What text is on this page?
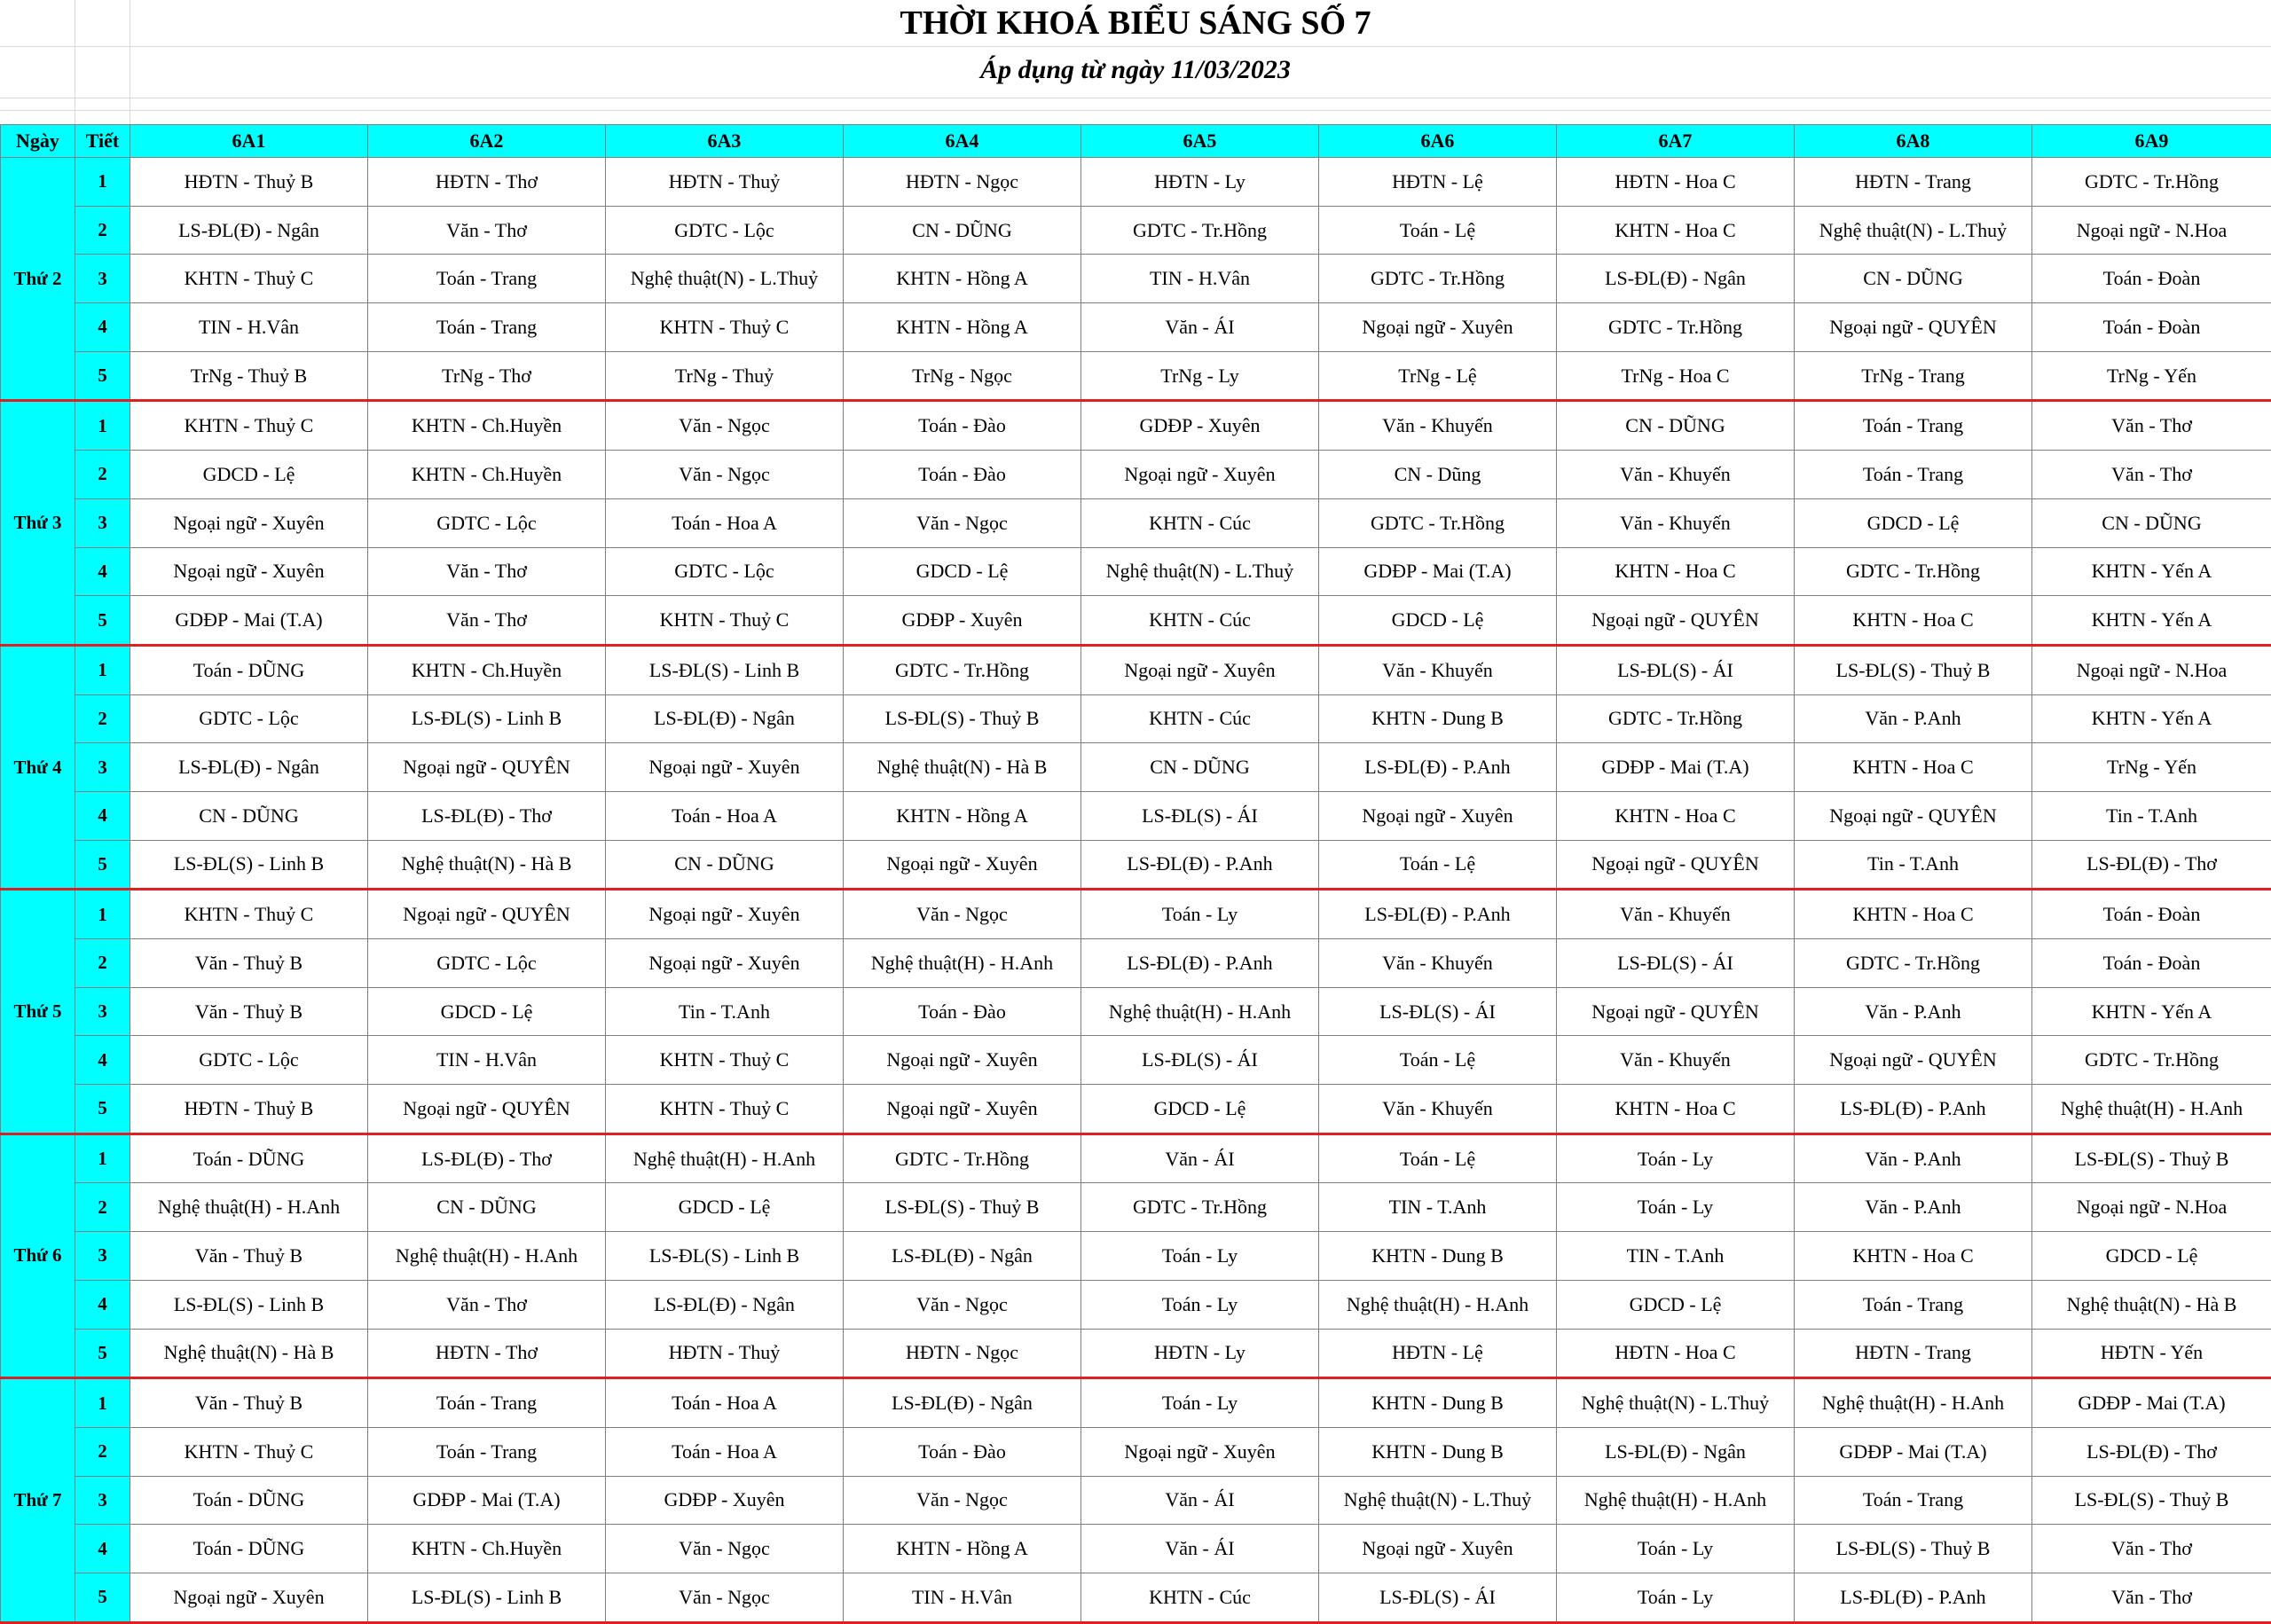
THỜI KHOÁ BIỂU SÁNG SỐ 7
Áp dụng từ ngày 11/03/2023
Ngày	Tiết	6A1	6A2	6A3	6A4	6A5	6A6	6A7	6A8	6A9
Thứ 2	1	HĐTN - Thuỷ B	HĐTN - Thơ	HĐTN - Thuỷ	HĐTN - Ngọc	HĐTN - Ly	HĐTN - Lệ	HĐTN - Hoa C	HĐTN - Trang	GDTC - Tr.Hồng
	2	LS-ĐL(Đ) - Ngân	Văn - Thơ	GDTC - Lộc	CN - DŨNG	GDTC - Tr.Hồng	Toán - Lệ	KHTN - Hoa C	Nghệ thuật(N) - L.Thuỷ	Ngoại ngữ - N.Hoa
	3	KHTN - Thuỷ C	Toán - Trang	Nghệ thuật(N) - L.Thuỷ	KHTN - Hồng A	TIN - H.Vân	GDTC - Tr.Hồng	LS-ĐL(Đ) - Ngân	CN - DŨNG	Toán - Đoàn
	4	TIN - H.Vân	Toán - Trang	KHTN - Thuỷ C	KHTN - Hồng A	Văn - ÁI	Ngoại ngữ - Xuyên	GDTC - Tr.Hồng	Ngoại ngữ - QUYÊN	Toán - Đoàn
	5	TrNg - Thuỷ B	TrNg - Thơ	TrNg - Thuỷ	TrNg - Ngọc	TrNg - Ly	TrNg - Lệ	TrNg - Hoa C	TrNg - Trang	TrNg - Yến
Thứ 3	1	KHTN - Thuỷ C	KHTN - Ch.Huyền	Văn - Ngọc	Toán - Đào	GDĐP - Xuyên	Văn - Khuyến	CN - DŨNG	Toán - Trang	Văn - Thơ
	2	GDCD - Lệ	KHTN - Ch.Huyền	Văn - Ngọc	Toán - Đào	Ngoại ngữ - Xuyên	CN - Dũng	Văn - Khuyến	Toán - Trang	Văn - Thơ
	3	Ngoại ngữ - Xuyên	GDTC - Lộc	Toán - Hoa A	Văn - Ngọc	KHTN - Cúc	GDTC - Tr.Hồng	Văn - Khuyến	GDCD - Lệ	CN - DŨNG
	4	Ngoại ngữ - Xuyên	Văn - Thơ	GDTC - Lộc	GDCD - Lệ	Nghệ thuật(N) - L.Thuỷ	GDĐP - Mai (T.A)	KHTN - Hoa C	GDTC - Tr.Hồng	KHTN - Yến A
	5	GDĐP - Mai (T.A)	Văn - Thơ	KHTN - Thuỷ C	GDĐP - Xuyên	KHTN - Cúc	GDCD - Lệ	Ngoại ngữ - QUYÊN	KHTN - Hoa C	KHTN - Yến A
Thứ 4	1	Toán - DŨNG	KHTN - Ch.Huyền	LS-ĐL(S) - Linh B	GDTC - Tr.Hồng	Ngoại ngữ - Xuyên	Văn - Khuyến	LS-ĐL(S) - ÁI	LS-ĐL(S) - Thuỷ B	Ngoại ngữ - N.Hoa
	2	GDTC - Lộc	LS-ĐL(S) - Linh B	LS-ĐL(Đ) - Ngân	LS-ĐL(S) - Thuỷ B	KHTN - Cúc	KHTN - Dung B	GDTC - Tr.Hồng	Văn - P.Anh	KHTN - Yến A
	3	LS-ĐL(Đ) - Ngân	Ngoại ngữ - QUYÊN	Ngoại ngữ - Xuyên	Nghệ thuật(N) - Hà B	CN - DŨNG	LS-ĐL(Đ) - P.Anh	GDĐP - Mai (T.A)	KHTN - Hoa C	TrNg - Yến
	4	CN - DŨNG	LS-ĐL(Đ) - Thơ	Toán - Hoa A	KHTN - Hồng A	LS-ĐL(S) - ÁI	Ngoại ngữ - Xuyên	KHTN - Hoa C	Ngoại ngữ - QUYÊN	Tin - T.Anh
	5	LS-ĐL(S) - Linh B	Nghệ thuật(N) - Hà B	CN - DŨNG	Ngoại ngữ - Xuyên	LS-ĐL(Đ) - P.Anh	Toán - Lệ	Ngoại ngữ - QUYÊN	Tin - T.Anh	LS-ĐL(Đ) - Thơ
Thứ 5	1	KHTN - Thuỷ C	Ngoại ngữ - QUYÊN	Ngoại ngữ - Xuyên	Văn - Ngọc	Toán - Ly	LS-ĐL(Đ) - P.Anh	Văn - Khuyến	KHTN - Hoa C	Toán - Đoàn
	2	Văn - Thuỷ B	GDTC - Lộc	Ngoại ngữ - Xuyên	Nghệ thuật(H) - H.Anh	LS-ĐL(Đ) - P.Anh	Văn - Khuyến	LS-ĐL(S) - ÁI	GDTC - Tr.Hồng	Toán - Đoàn
	3	Văn - Thuỷ B	GDCD - Lệ	Tin - T.Anh	Toán - Đào	Nghệ thuật(H) - H.Anh	LS-ĐL(S) - ÁI	Ngoại ngữ - QUYÊN	Văn - P.Anh	KHTN - Yến A
	4	GDTC - Lộc	TIN - H.Vân	KHTN - Thuỷ C	Ngoại ngữ - Xuyên	LS-ĐL(S) - ÁI	Toán - Lệ	Văn - Khuyến	Ngoại ngữ - QUYÊN	GDTC - Tr.Hồng
	5	HĐTN - Thuỷ B	Ngoại ngữ - QUYÊN	KHTN - Thuỷ C	Ngoại ngữ - Xuyên	GDCD - Lệ	Văn - Khuyến	KHTN - Hoa C	LS-ĐL(Đ) - P.Anh	Nghệ thuật(H) - H.Anh
Thứ 6	1	Toán - DŨNG	LS-ĐL(Đ) - Thơ	Nghệ thuật(H) - H.Anh	GDTC - Tr.Hồng	Văn - ÁI	Toán - Lệ	Toán - Ly	Văn - P.Anh	LS-ĐL(S) - Thuỷ B
	2	Nghệ thuật(H) - H.Anh	CN - DŨNG	GDCD - Lệ	LS-ĐL(S) - Thuỷ B	GDTC - Tr.Hồng	TIN - T.Anh	Toán - Ly	Văn - P.Anh	Ngoại ngữ - N.Hoa
	3	Văn - Thuỷ B	Nghệ thuật(H) - H.Anh	LS-ĐL(S) - Linh B	LS-ĐL(Đ) - Ngân	Toán - Ly	KHTN - Dung B	TIN - T.Anh	KHTN - Hoa C	GDCD - Lệ
	4	LS-ĐL(S) - Linh B	Văn - Thơ	LS-ĐL(Đ) - Ngân	Văn - Ngọc	Toán - Ly	Nghệ thuật(H) - H.Anh	GDCD - Lệ	Toán - Trang	Nghệ thuật(N) - Hà B
	5	Nghệ thuật(N) - Hà B	HĐTN - Thơ	HĐTN - Thuỷ	HĐTN - Ngọc	HĐTN - Ly	HĐTN - Lệ	HĐTN - Hoa C	HĐTN - Trang	HĐTN - Yến
Thứ 7	1	Văn - Thuỷ B	Toán - Trang	Toán - Hoa A	LS-ĐL(Đ) - Ngân	Toán - Ly	KHTN - Dung B	Nghệ thuật(N) - L.Thuỷ	Nghệ thuật(H) - H.Anh	GDĐP - Mai (T.A)
	2	KHTN - Thuỷ C	Toán - Trang	Toán - Hoa A	Toán - Đào	Ngoại ngữ - Xuyên	KHTN - Dung B	LS-ĐL(Đ) - Ngân	GDĐP - Mai (T.A)	LS-ĐL(Đ) - Thơ
	3	Toán - DŨNG	GDĐP - Mai (T.A)	GDĐP - Xuyên	Văn - Ngọc	Văn - ÁI	Nghệ thuật(N) - L.Thuỷ	Nghệ thuật(H) - H.Anh	Toán - Trang	LS-ĐL(S) - Thuỷ B
	4	Toán - DŨNG	KHTN - Ch.Huyền	Văn - Ngọc	KHTN - Hồng A	Văn - ÁI	Ngoại ngữ - Xuyên	Toán - Ly	LS-ĐL(S) - Thuỷ B	Văn - Thơ
	5	Ngoại ngữ - Xuyên	LS-ĐL(S) - Linh B	Văn - Ngọc	TIN - H.Vân	KHTN - Cúc	LS-ĐL(S) - ÁI	Toán - Ly	LS-ĐL(Đ) - P.Anh	Văn - Thơ
